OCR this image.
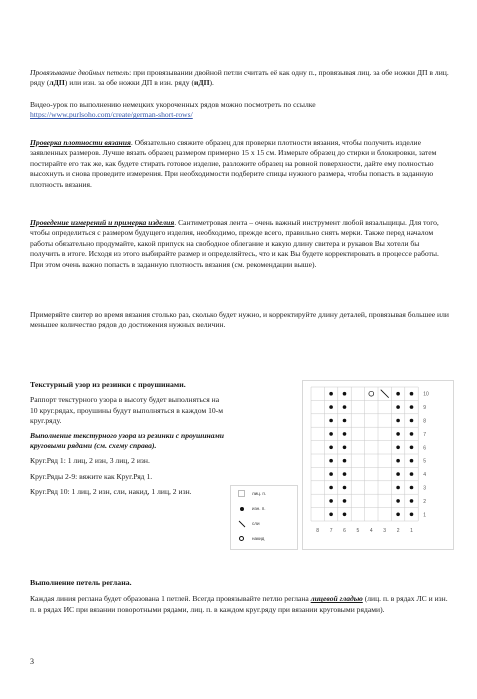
Провязывание двойных петель: при провязывании двойной петли считать её как одну п., провязывая лиц. за обе ножки ДП в лиц. ряду (лДП) или изн. за обе ножки ДП в изн. ряду (иДП).

Видео-урок по выполнению немецких укороченных рядов можно посмотреть по ссылке
https://www.purlsoho.com/create/german-short-rows/

Проверка плотности вязания. Обязательно свяжите образец для проверки плотности вязания, чтобы получить изделие заявленных размеров. Лучше вязать образец размером примерно 15 х 15 см. Измерьте образец до стирки и блокировки, затем постирайте его так же, как будете стирать готовое изделие, разложите образец на ровной поверхности, дайте ему полностью высохнуть и снова проведите измерения. При необходимости подберите спицы нужного размера, чтобы попасть в заданную плотность вязания.

Проведение измерений и примерка изделия. Сантиметровая лента – очень важный инструмент любой вязальщицы. Для того, чтобы определиться с размером будущего изделия, необходимо, прежде всего, правильно снять мерки. Также перед началом работы обязательно продумайте, какой припуск на свободное облегание и какую длину свитера и рукавов Вы хотели бы получить в итоге. Исходя из этого выбирайте размер и определяйтесь, что и как Вы будете корректировать в процессе работы. При этом очень важно попасть в заданную плотность вязания (см. рекомендации выше).

Примеряйте свитер во время вязания столько раз, сколько будет нужно, и корректируйте длину деталей, провязывая большее или меньшее количество рядов до достижения нужных величин.

Текстурный узор из резинки с проушинами.

Раппорт текстурного узора в высоту будет выполняться на 10 круг.рядах, проушины будут выполняться в каждом 10-м круг.ряду.

Выполнение текстурного узора из резинки с проушинами круговыми рядами (см. схему справа).

Круг.Ряд 1: 1 лиц, 2 изн, 3 лиц, 2 изн.

Круг.Ряды 2-9: вяжите как Круг.Ряд 1.

Круг.Ряд 10: 1 лиц, 2 изн, сли, накид, 1 лиц, 2 изн.	лиц. п.
изн. п.
сли
накид
10
9
8
7
6
5
4
3
2
1
8 7 6 5 4 3 2 1

Выполнение петель реглана.

Каждая линия реглана будет образована 1 петлей. Всегда провязывайте петлю реглана лицевой гладью (лиц. п. в рядах ЛС и изн. п. в рядах ИС при вязании поворотными рядами, лиц. п. в каждом круг.ряду при вязании круговыми рядами).

3
